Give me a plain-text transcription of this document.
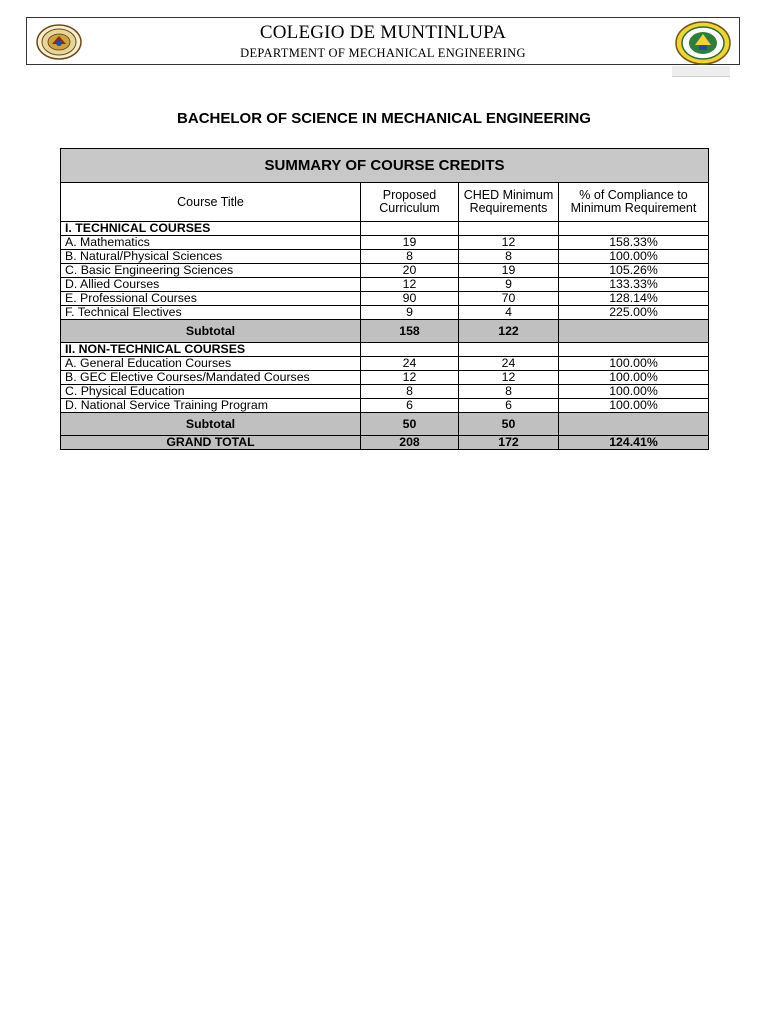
COLEGIO DE MUNTINLUPA
DEPARTMENT OF MECHANICAL ENGINEERING
BACHELOR OF SCIENCE IN MECHANICAL ENGINEERING
SUMMARY OF COURSE CREDITS			
Course Title	Proposed Curriculum	CHED Minimum Requirements	% of Compliance to Minimum Requirement
I. TECHNICAL COURSES			
A. Mathematics	19	12	158.33%
B. Natural/Physical Sciences	8	8	100.00%
C. Basic Engineering Sciences	20	19	105.26%
D. Allied Courses	12	9	133.33%
E. Professional Courses	90	70	128.14%
F. Technical Electives	9	4	225.00%
Subtotal	158	122	
II. NON-TECHNICAL COURSES			
A. General Education Courses	24	24	100.00%
B. GEC Elective Courses/Mandated Courses	12	12	100.00%
C. Physical Education	8	8	100.00%
D. National Service Training Program	6	6	100.00%
Subtotal	50	50	
GRAND TOTAL	208	172	124.41%
